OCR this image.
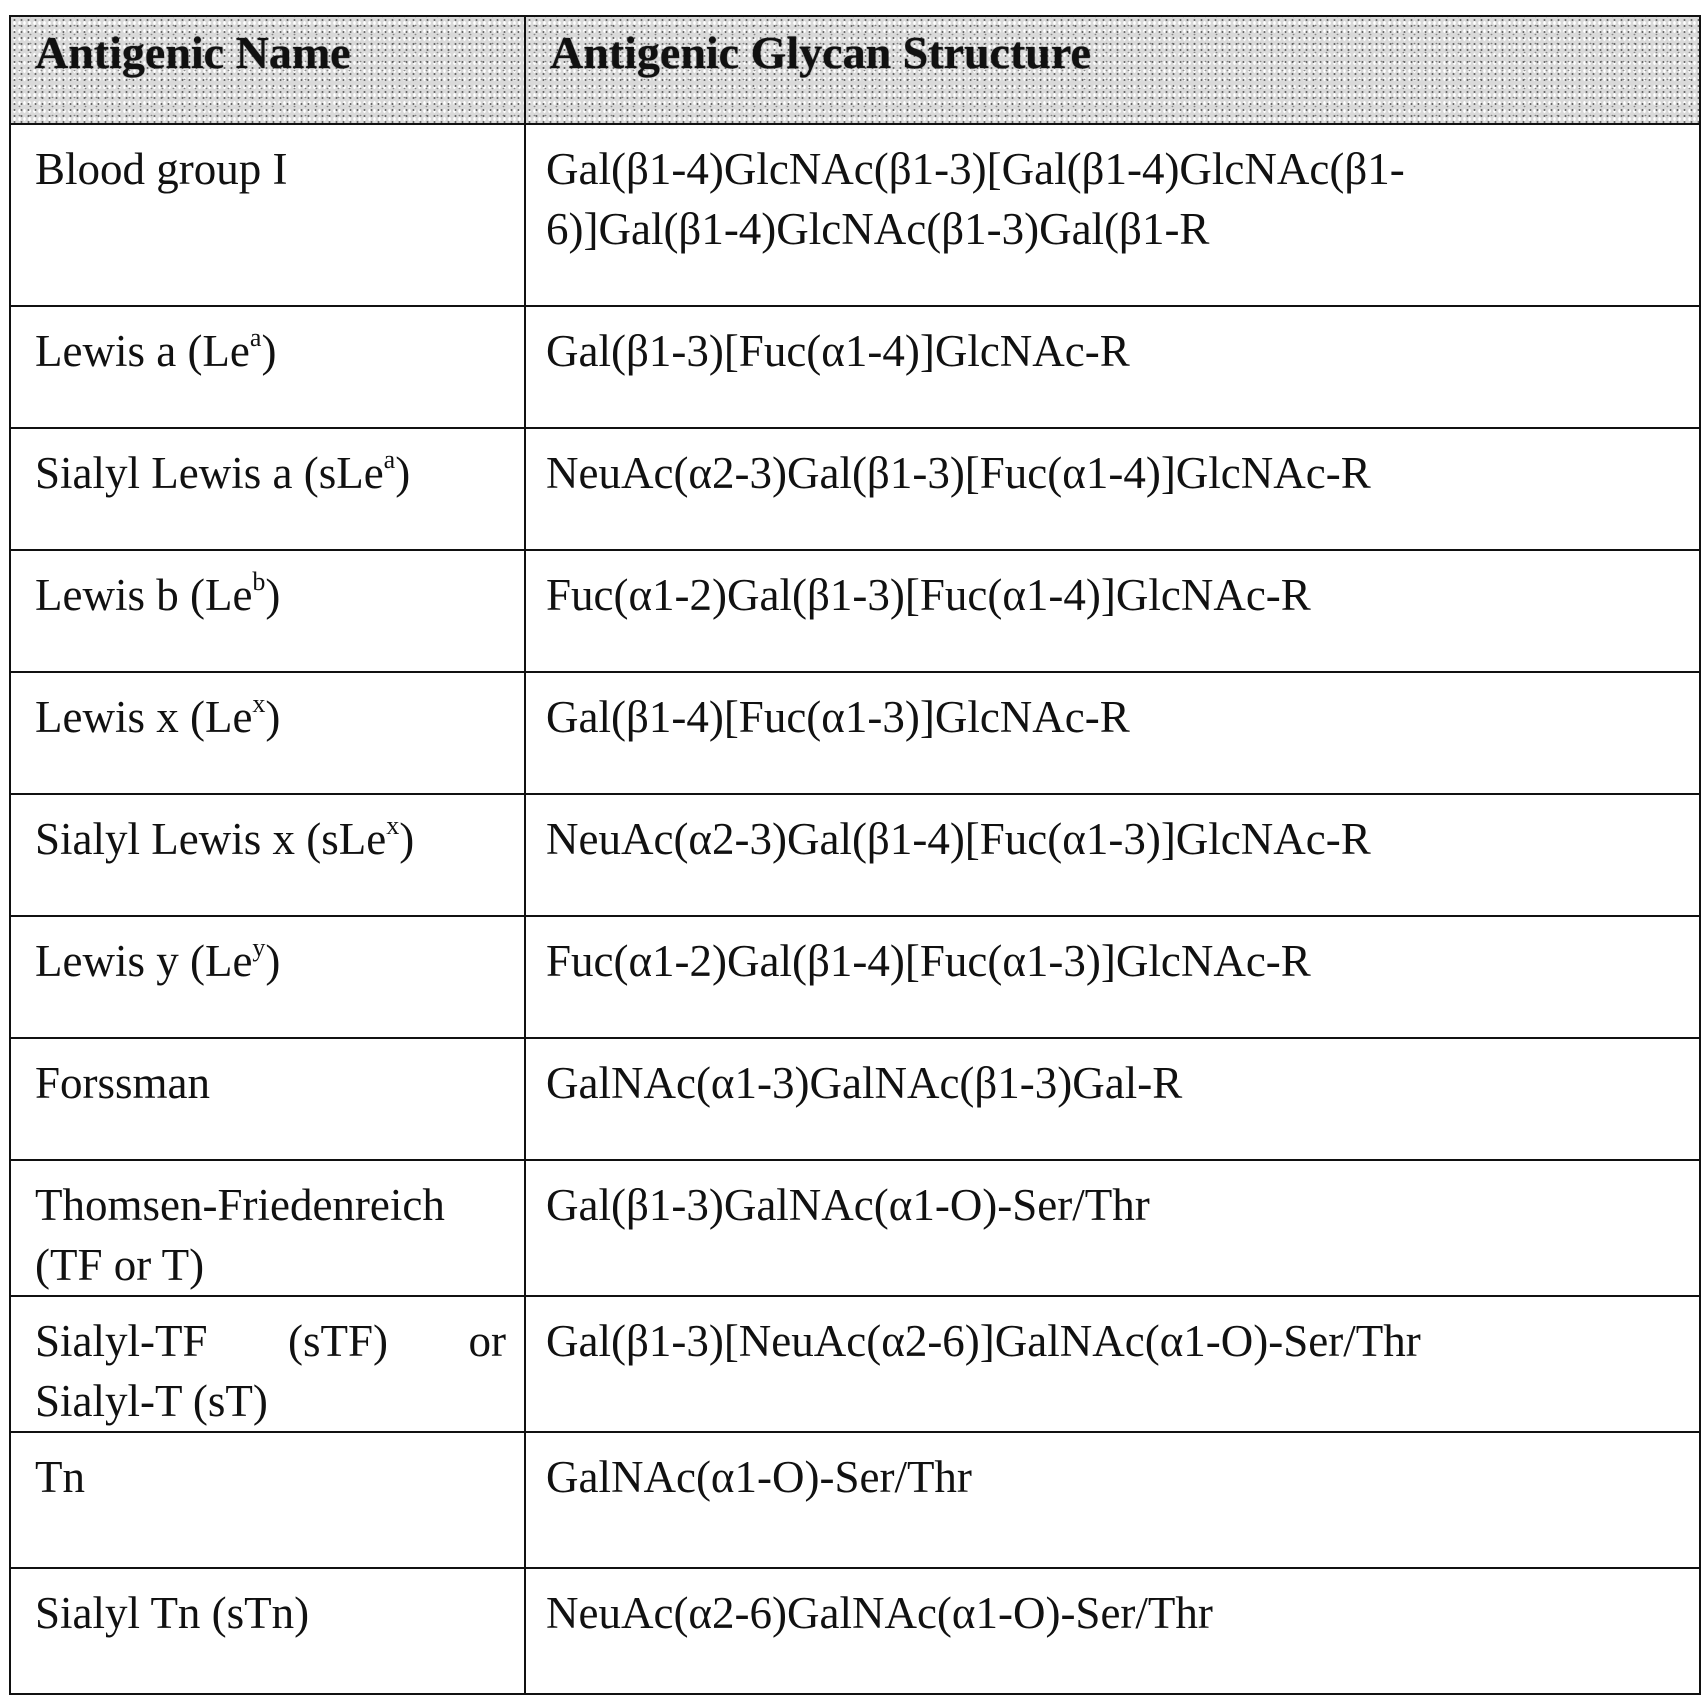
Antigenic Name	Antigenic Glycan Structure
Blood group I	Gal(β1-4)GlcNAc(β1-3)[Gal(β1-4)GlcNAc(β1-
6)]Gal(β1-4)GlcNAc(β1-3)Gal(β1-R

Lewis a (Le$^a$)	Gal(β1-3)[Fuc(α1-4)]GlcNAc-R
Sialyl Lewis a (sLe$^a$)	NeuAc(α2-3)Gal(β1-3)[Fuc(α1-4)]GlcNAc-R
Lewis b (Le$^b$)	Fuc(α1-2)Gal(β1-3)[Fuc(α1-4)]GlcNAc-R
Lewis x (Le$^x$)	Gal(β1-4)[Fuc(α1-3)]GlcNAc-R
Sialyl Lewis x (sLe$^x$)	NeuAc(α2-3)Gal(β1-4)[Fuc(α1-3)]GlcNAc-R
Lewis y (Le$^y$)	Fuc(α1-2)Gal(β1-4)[Fuc(α1-3)]GlcNAc-R
Forssman	GalNAc(α1-3)GalNAc(β1-3)Gal-R

Thomsen-Friedenreich
(TF or T)	Gal(β1-3)GalNAc(α1-O)-Ser/Thr

Sialyl-TF (sTF) or
Sialyl-T (sT)	Gal(β1-3)[NeuAc(α2-6)]GalNAc(α1-O)-Ser/Thr
Tn	GalNAc(α1-O)-Ser/Thr
Sialyl Tn (sTn)	NeuAc(α2-6)GalNAc(α1-O)-Ser/Thr
